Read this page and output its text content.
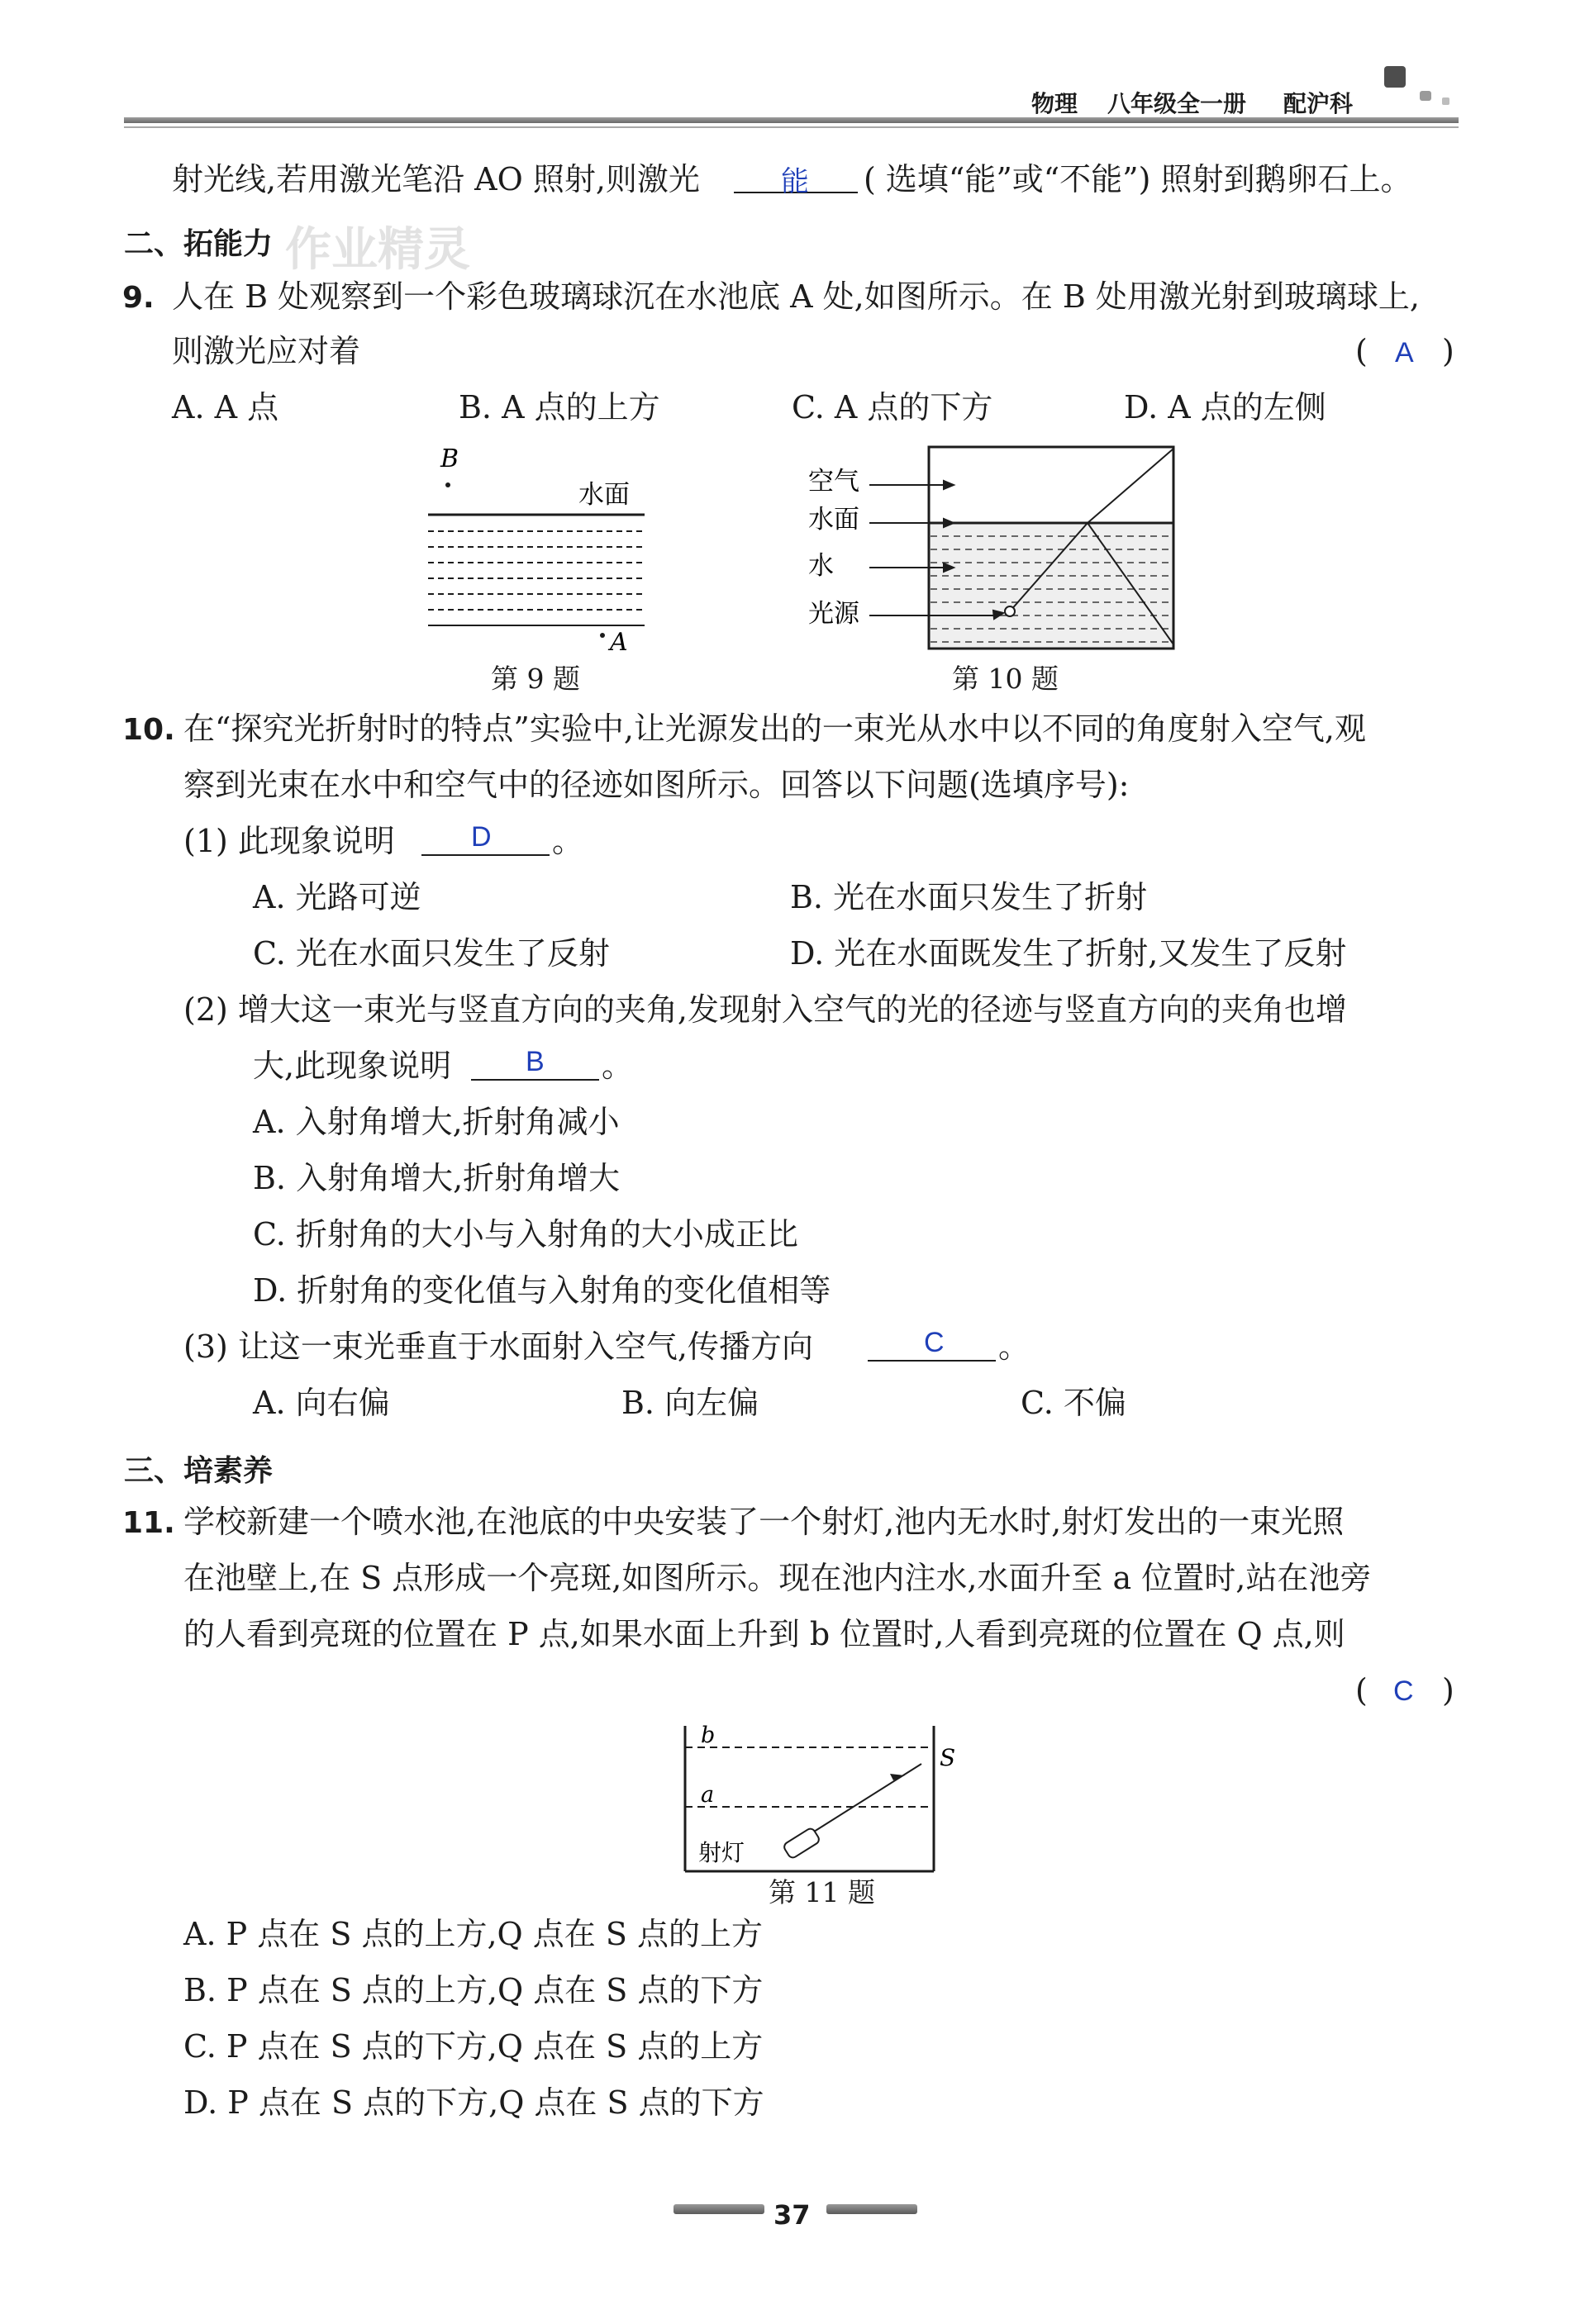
物理 八年级全一册 配沪科
射光线,若用激光笔沿 AO 照射,则激光	能 ( 选填“能”或“不能”) 照射到鹅卵石上。
二、拓能力 作业精灵
9. 人在 B 处观察到一个彩色玻璃球沉在水池底 A 处,如图所示。在 B 处用激光射到玻璃球上,
则激光应对着	( A )
A. A 点	B. A 点的上方	C. A 点的下方	D. A 点的左侧
B
水面
A
第 9 题
空气
水面
水
光源
第 10 题
10. 在“探究光折射时的特点”实验中,让光源发出的一束光从水中以不同的角度射入空气,观
察到光束在水中和空气中的径迹如图所示。回答以下问题(选填序号):
(1) 此现象说明	D 。
A. 光路可逆	B. 光在水面只发生了折射
C. 光在水面只发生了反射	D. 光在水面既发生了折射,又发生了反射
(2) 增大这一束光与竖直方向的夹角,发现射入空气的光的径迹与竖直方向的夹角也增
大,此现象说明	B 。
A. 入射角增大,折射角减小
B. 入射角增大,折射角增大
C. 折射角的大小与入射角的大小成正比
D. 折射角的变化值与入射角的变化值相等
(3) 让这一束光垂直于水面射入空气,传播方向	C 。
A. 向右偏	B. 向左偏	C. 不偏
三、培素养
11. 学校新建一个喷水池,在池底的中央安装了一个射灯,池内无水时,射灯发出的一束光照
在池壁上,在 S 点形成一个亮斑,如图所示。现在池内注水,水面升至 a 位置时,站在池旁
的人看到亮斑的位置在 P 点,如果水面上升到 b 位置时,人看到亮斑的位置在 Q 点,则
( C )
b
a
S
射灯
第 11 题
A. P 点在 S 点的上方,Q 点在 S 点的上方
B. P 点在 S 点的上方,Q 点在 S 点的下方
C. P 点在 S 点的下方,Q 点在 S 点的上方
D. P 点在 S 点的下方,Q 点在 S 点的下方
37
